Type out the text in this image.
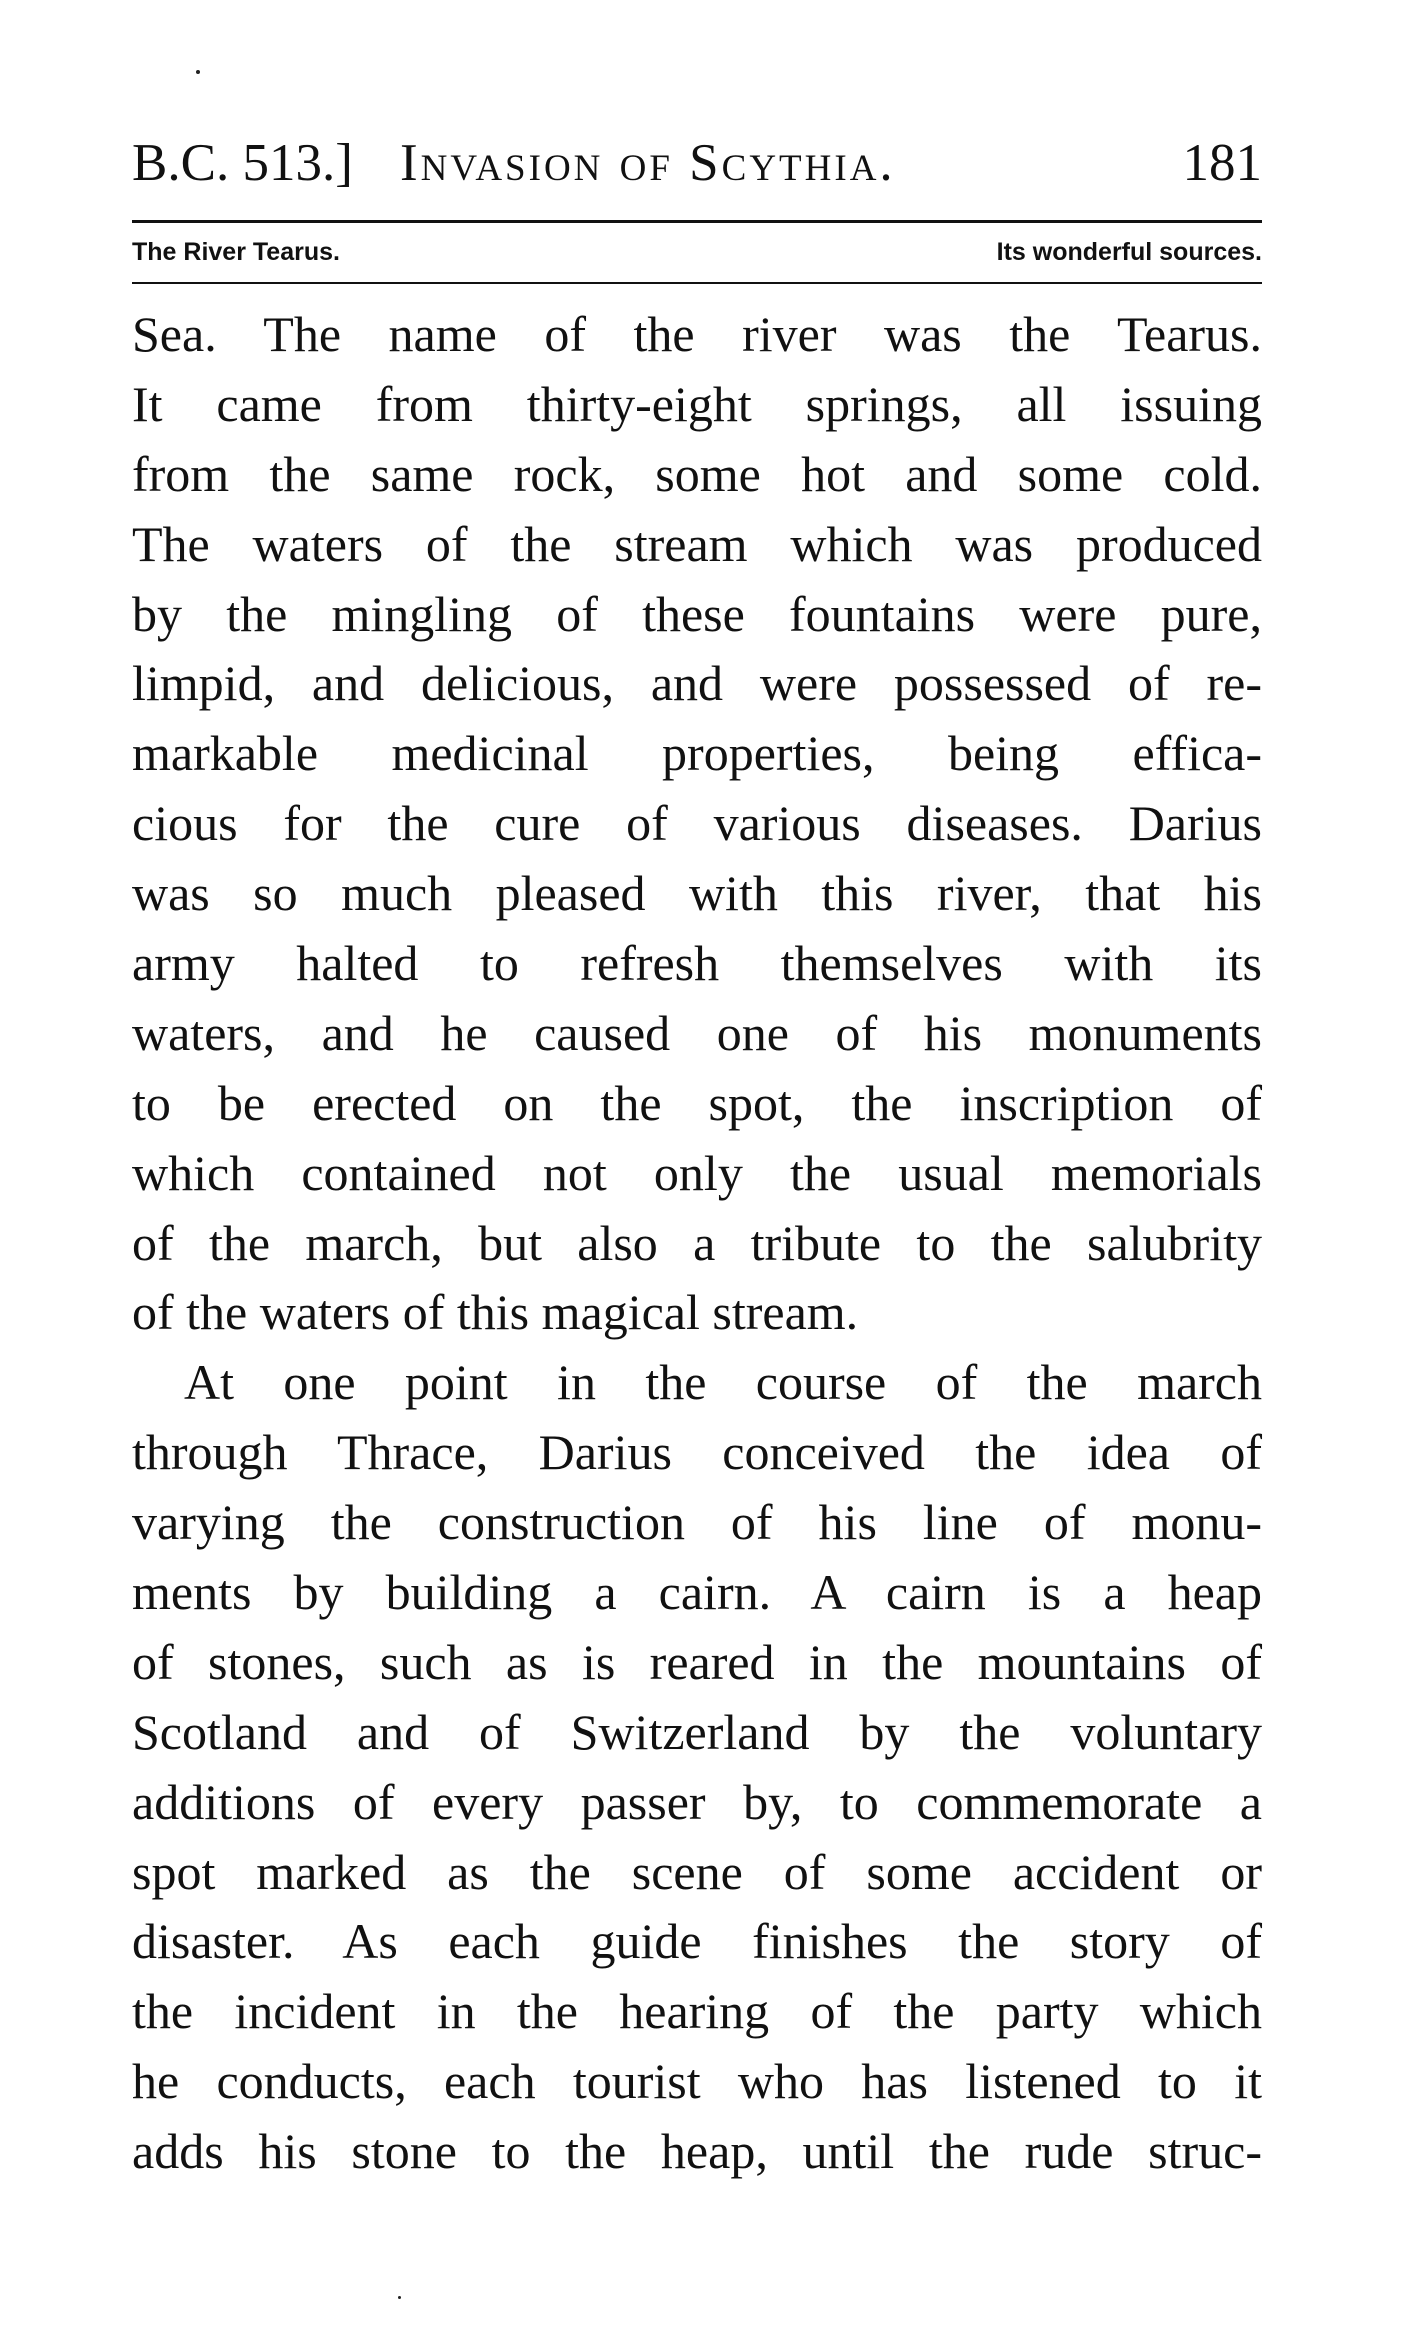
B.C. 513.] Invasion of Scythia.	181
The River Tearus.	Its wonderful sources.
Sea. The name of the river was the Tearus.
It came from thirty-eight springs, all issuing
from the same rock, some hot and some cold.
The waters of the stream which was produced
by the mingling of these fountains were pure,
limpid, and delicious, and were possessed of re-
markable medicinal properties, being effica-
cious for the cure of various diseases. Darius
was so much pleased with this river, that his
army halted to refresh themselves with its
waters, and he caused one of his monuments
to be erected on the spot, the inscription of
which contained not only the usual memorials
of the march, but also a tribute to the salubrity
of the waters of this magical stream.
At one point in the course of the march
through Thrace, Darius conceived the idea of
varying the construction of his line of monu-
ments by building a cairn. A cairn is a heap
of stones, such as is reared in the mountains of
Scotland and of Switzerland by the voluntary
additions of every passer by, to commemorate a
spot marked as the scene of some accident or
disaster. As each guide finishes the story of
the incident in the hearing of the party which
he conducts, each tourist who has listened to it
adds his stone to the heap, until the rude struc-
